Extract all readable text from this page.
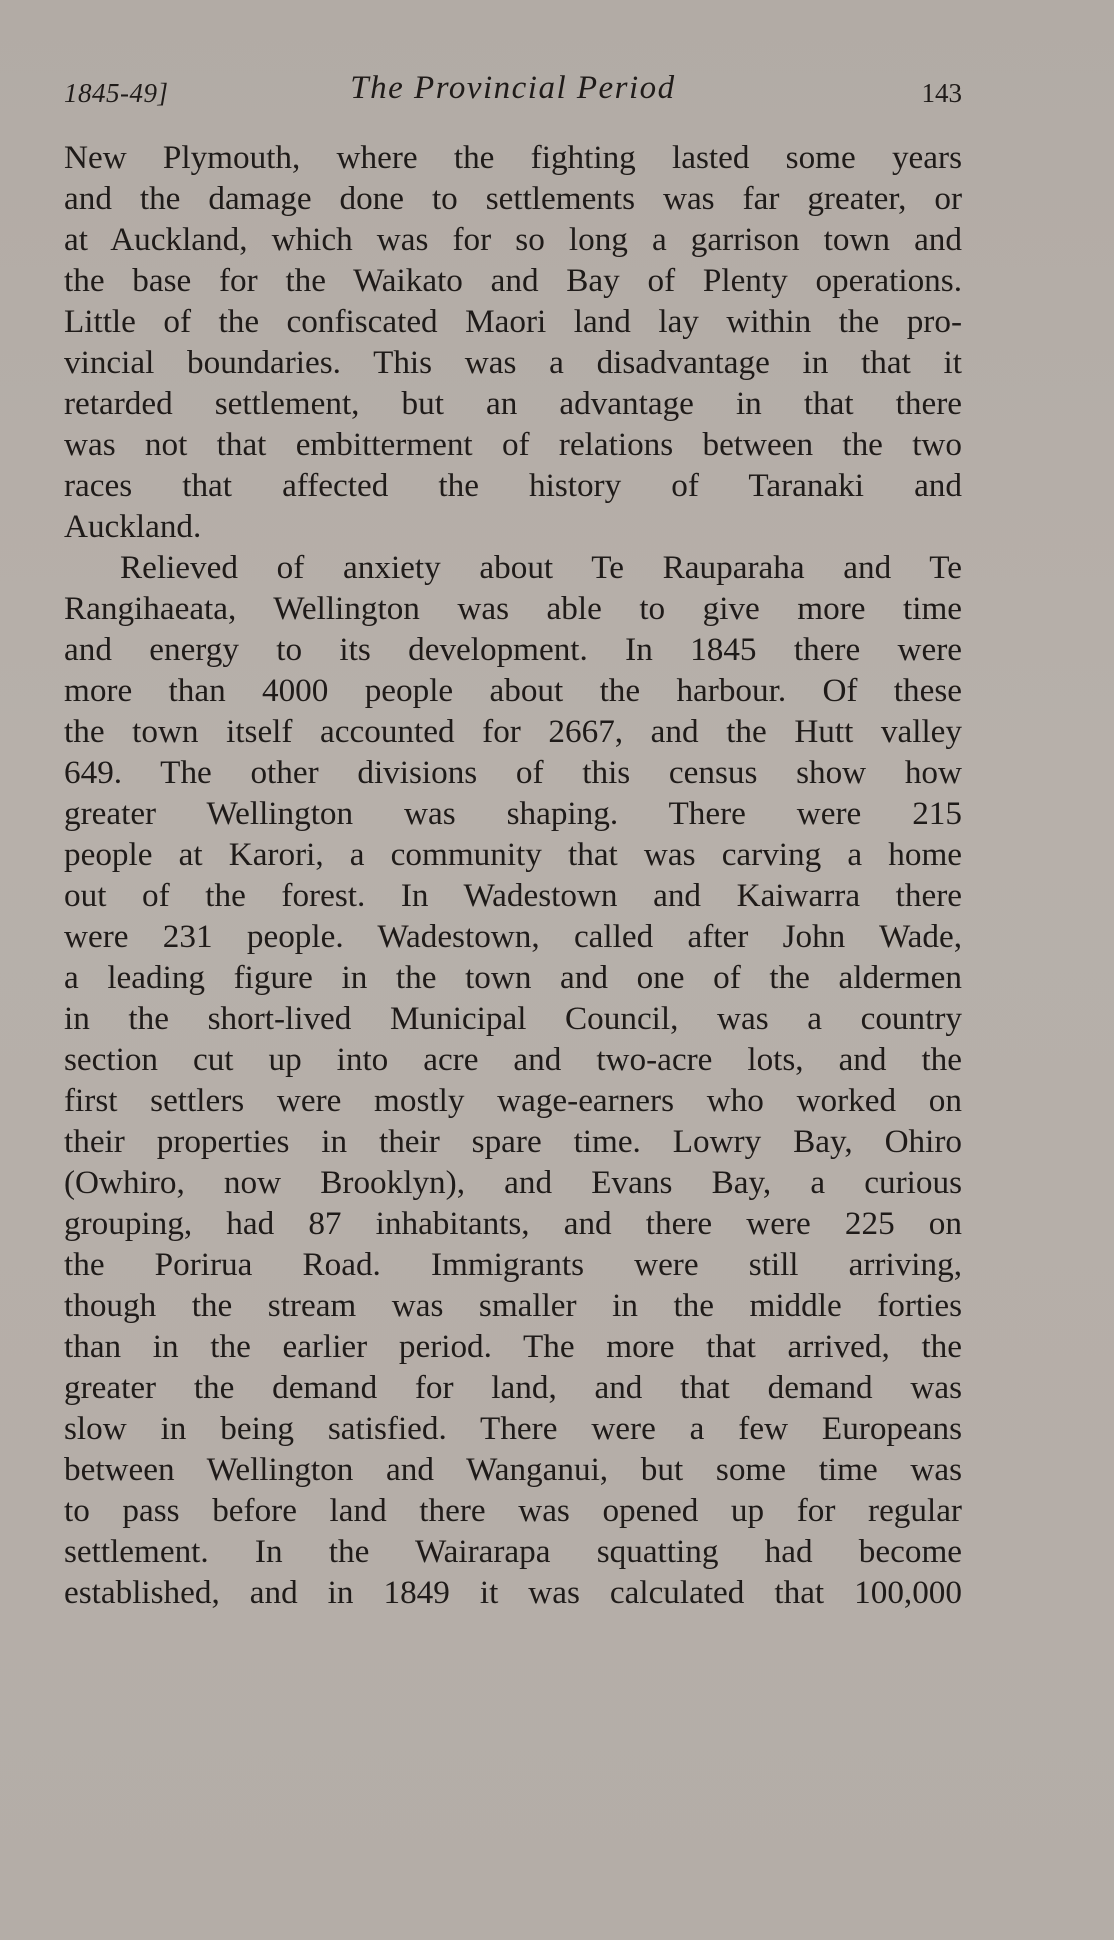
1845-49]	The Provincial Period	143
New Plymouth, where the fighting lasted some years
and the damage done to settlements was far greater, or
at Auckland, which was for so long a garrison town and
the base for the Waikato and Bay of Plenty operations.
Little of the confiscated Maori land lay within the pro-
vincial boundaries. This was a disadvantage in that it
retarded settlement, but an advantage in that there
was not that embitterment of relations between the two
races that affected the history of Taranaki and
Auckland.
Relieved of anxiety about Te Rauparaha and Te
Rangihaeata, Wellington was able to give more time
and energy to its development. In 1845 there were
more than 4000 people about the harbour. Of these
the town itself accounted for 2667, and the Hutt valley
649. The other divisions of this census show how
greater Wellington was shaping. There were 215
people at Karori, a community that was carving a home
out of the forest. In Wadestown and Kaiwarra there
were 231 people. Wadestown, called after John Wade,
a leading figure in the town and one of the aldermen
in the short-lived Municipal Council, was a country
section cut up into acre and two-acre lots, and the
first settlers were mostly wage-earners who worked on
their properties in their spare time. Lowry Bay, Ohiro
(Owhiro, now Brooklyn), and Evans Bay, a curious
grouping, had 87 inhabitants, and there were 225 on
the Porirua Road. Immigrants were still arriving,
though the stream was smaller in the middle forties
than in the earlier period. The more that arrived, the
greater the demand for land, and that demand was
slow in being satisfied. There were a few Europeans
between Wellington and Wanganui, but some time was
to pass before land there was opened up for regular
settlement. In the Wairarapa squatting had become
established, and in 1849 it was calculated that 100,000
